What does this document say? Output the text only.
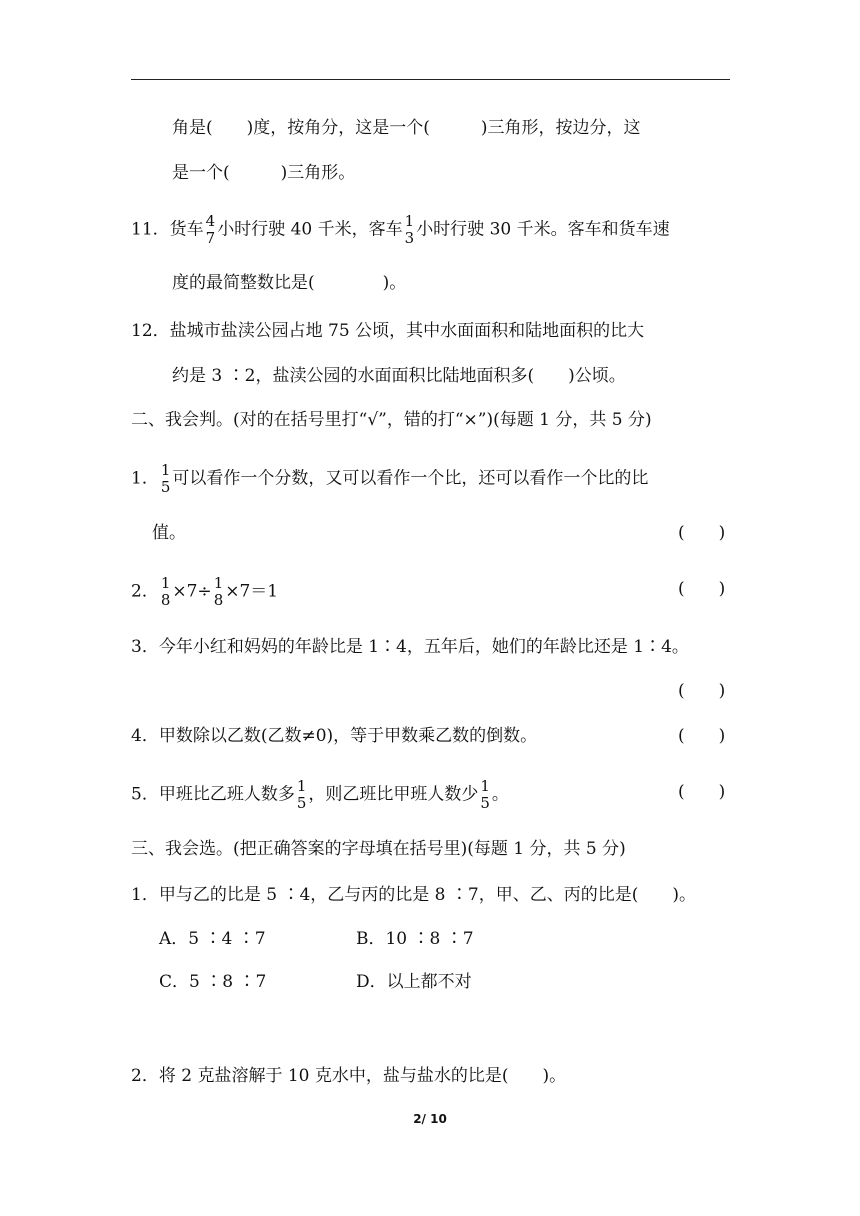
角是(　　)度，按角分，这是一个(　　　)三角形，按边分，这
是一个(　　　)三角形。
11．货车 4
7 小时行驶 40 千米，客车 1
3 小时行驶 30 千米。客车和货车速
度的最简整数比是(　　　　)。
12．盐城市盐渎公园占地 75 公顷，其中水面面积和陆地面积的比大
约是 3 ∶2，盐渎公园的水面面积比陆地面积多(　　)公顷。
二、我会判。(对的在括号里打“√”，错的打“×”)(每题 1 分，共 5 分)
1． 1
5 可以看作一个分数，又可以看作一个比，还可以看作一个比的比
值。	(　　)
2． 1
8 ×7÷ 1
8 ×7＝1	(　　)
3．今年小红和妈妈的年龄比是 1∶4，五年后，她们的年龄比还是 1∶4。
(　　)
4．甲数除以乙数(乙数≠0)，等于甲数乘乙数的倒数。	(　　)
5．甲班比乙班人数多 1
5 ，则乙班比甲班人数少 1
5 。	(　　)
三、我会选。(把正确答案的字母填在括号里)(每题 1 分，共 5 分)
1．甲与乙的比是 5 ∶4，乙与丙的比是 8 ∶7，甲、乙、丙的比是(　　)。
A．5 ∶4 ∶7	B．10 ∶8 ∶7
C．5 ∶8 ∶7	D．以上都不对
2．将 2 克盐溶解于 10 克水中，盐与盐水的比是(　　)。
2/ 10
